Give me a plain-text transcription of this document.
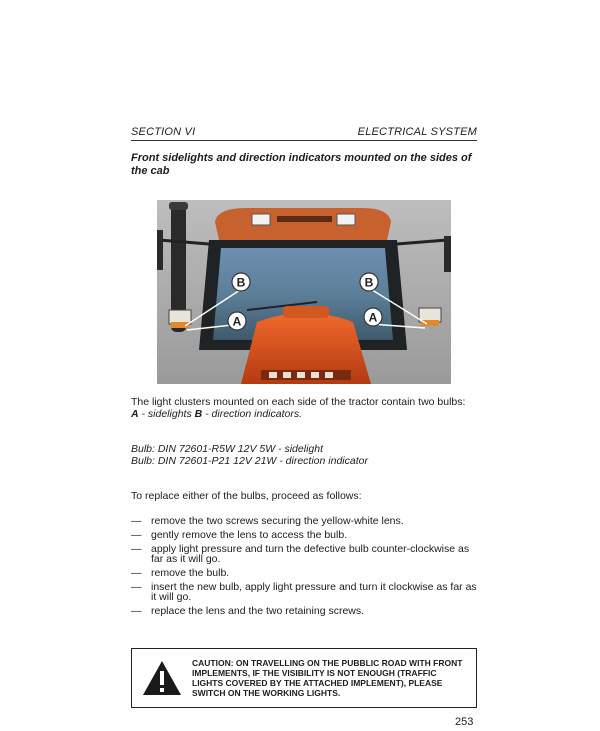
SECTION VI	ELECTRICAL SYSTEM
Front sidelights and direction indicators mounted on the sides of the cab
B	B
A	A
The light clusters mounted on each side of the tractor contain two bulbs:
A - sidelights B - direction indicators.
Bulb: DIN 72601-R5W 12V 5W - sidelight
Bulb: DIN 72601-P21 12V 21W - direction indicator
To replace either of the bulbs, proceed as follows:
— remove the two screws securing the yellow-white lens.
— gently remove the lens to access the bulb.
— apply light pressure and turn the defective bulb counter-clockwise as far as it will go.
— remove the bulb.
— insert the new bulb, apply light pressure and turn it clockwise as far as it will go.
— replace the lens and the two retaining screws.
CAUTION: ON TRAVELLING ON THE PUBBLIC ROAD WITH FRONT IMPLEMENTS, IF THE VISIBILITY IS NOT ENOUGH (TRAFFIC LIGHTS COVERED BY THE ATTACHED IMPLEMENT), PLEASE SWITCH ON THE WORKING LIGHTS.
253
